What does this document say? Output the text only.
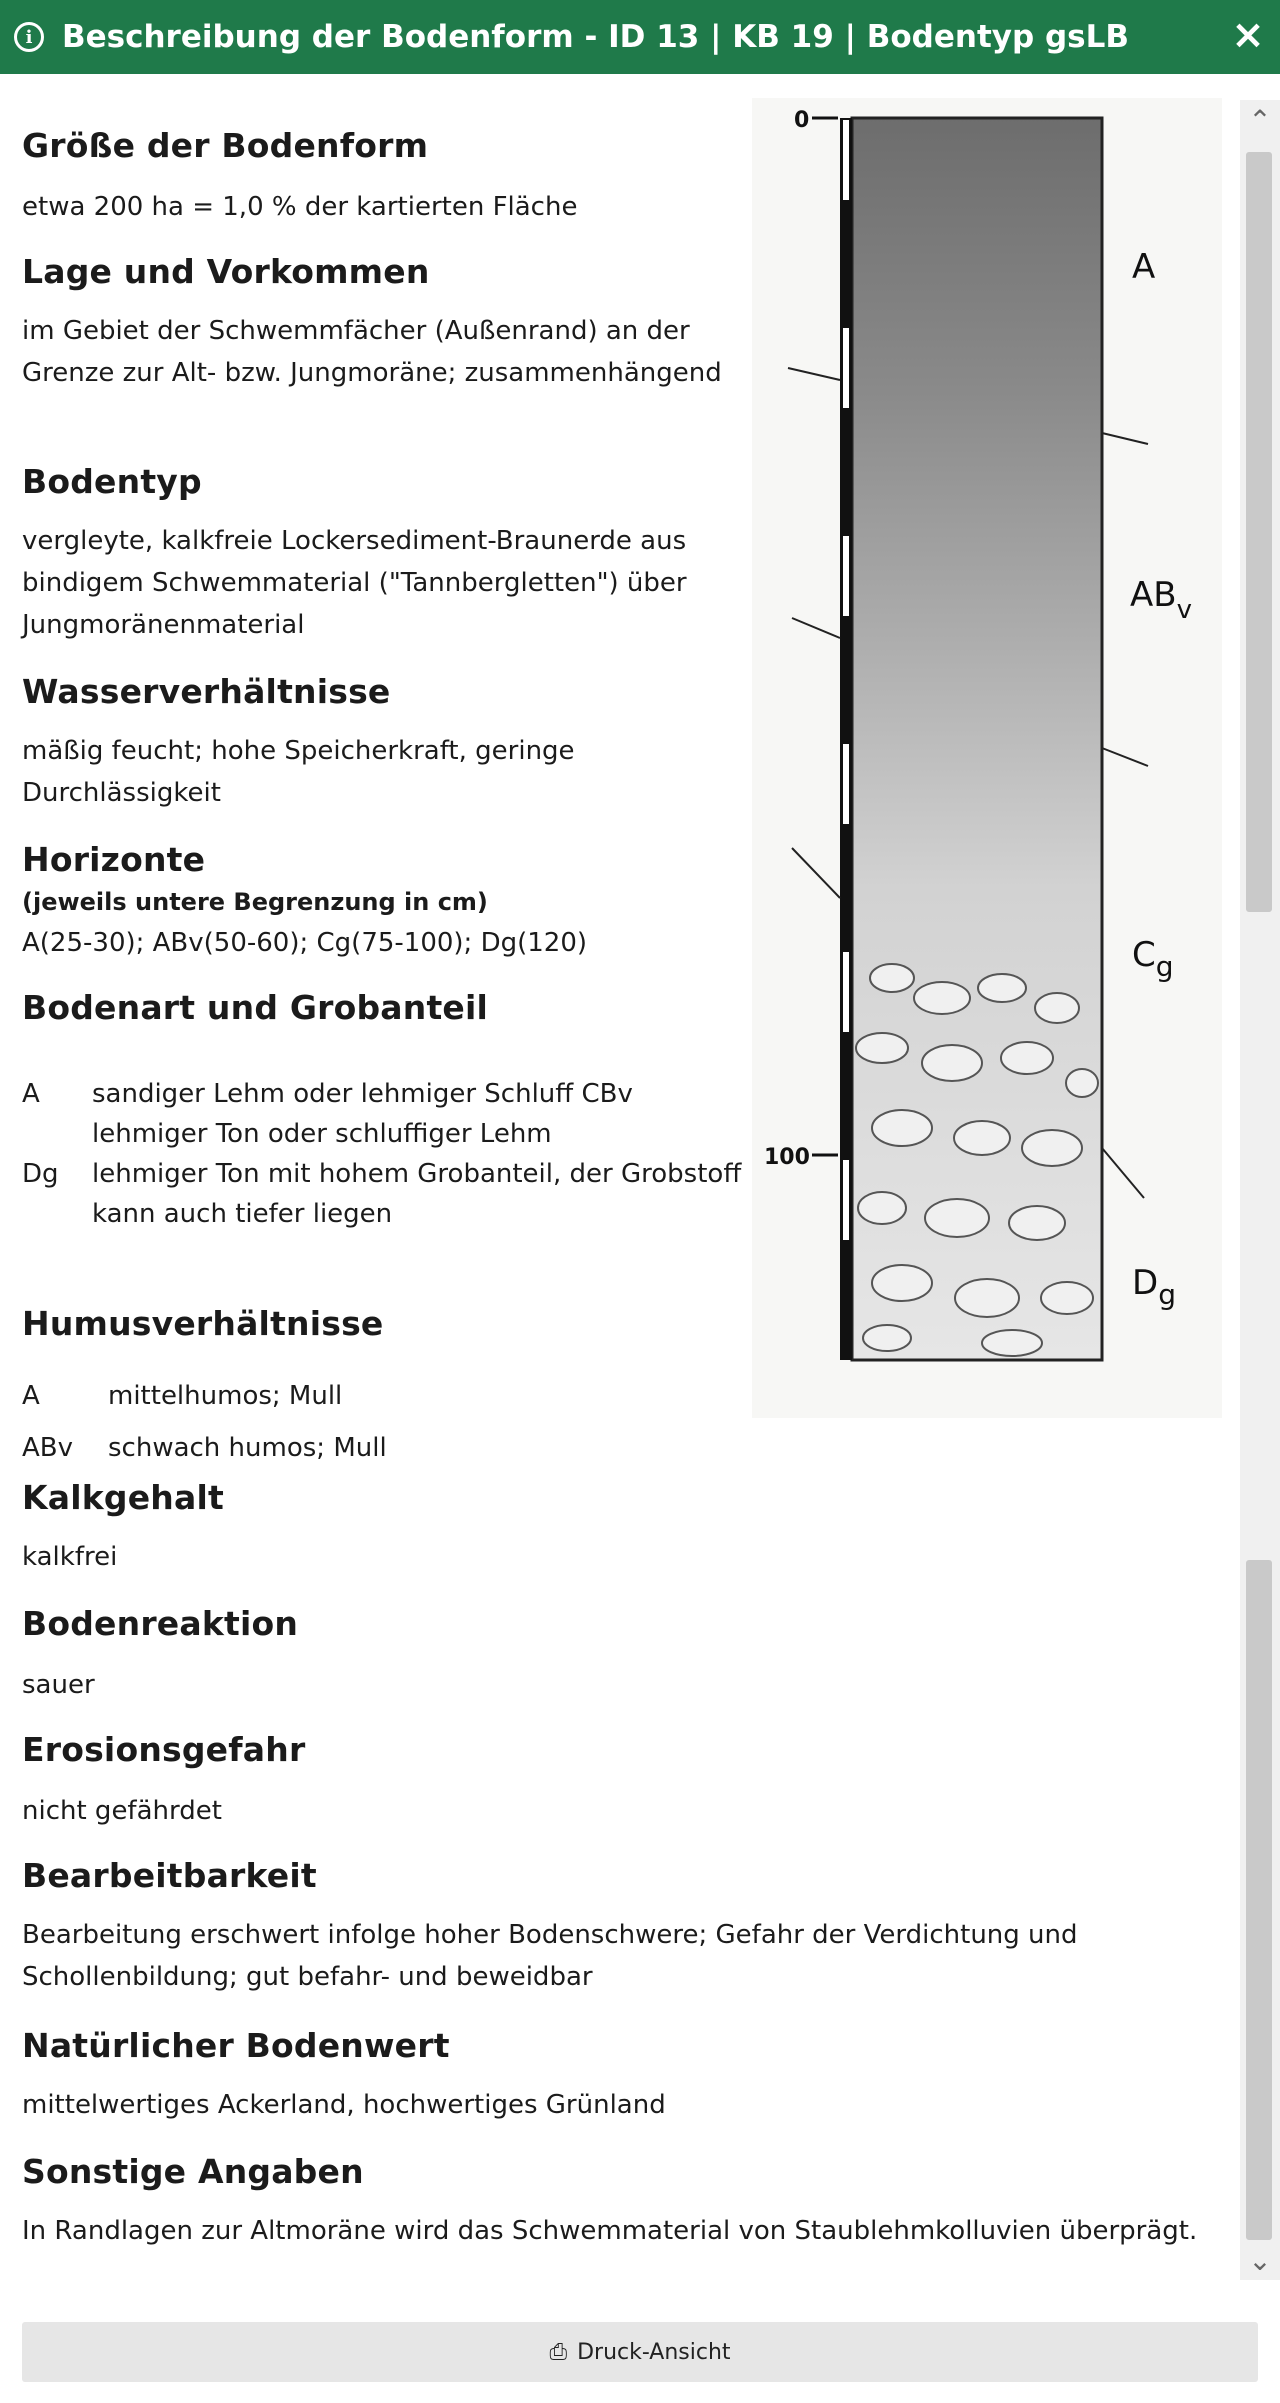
i Beschreibung der Bodenform - ID 13 | KB 19 | Bodentyp gsLB	×
Größe der Bodenform

etwa 200 ha = 1,0 % der kartierten Fläche

Lage und Vorkommen

im Gebiet der Schwemmfächer (Außenrand) an der Grenze zur Alt- bzw. Jungmoräne; zusammenhängend

Bodentyp

vergleyte, kalkfreie Lockersediment-Braunerde aus bindigem Schwemmaterial ("Tannbergletten") über Jungmoränenmaterial

Wasserverhältnisse

mäßig feucht; hohe Speicherkraft, geringe Durchlässigkeit

Horizonte
(jeweils untere Begrenzung in cm)

A(25-30); ABv(50-60); Cg(75-100); Dg(120)

Bodenart und Grobanteil
A	sandiger Lehm oder lehmiger Schluff CBv lehmiger Ton oder schluffiger Lehm
Dg	lehmiger Ton mit hohem Grobanteil, der Grobstoff kann auch tiefer liegen
Humusverhältnisse
A	mittelhumos; Mull
ABv	schwach humos; Mull
Kalkgehalt

kalkfrei

Bodenreaktion

sauer

Erosionsgefahr

nicht gefährdet

Bearbeitbarkeit

Bearbeitung erschwert infolge hoher Bodenschwere; Gefahr der Verdichtung und Schollenbildung; gut befahr- und beweidbar

Natürlicher Bodenwert

mittelwertiges Ackerland, hochwertiges Grünland

Sonstige Angaben

In Randlagen zur Altmoräne wird das Schwemmaterial von Staublehmkolluvien überprägt.

0
100
A
$AB_v$
$C_g$
$D_g$
⌃
⌄
⎙ Druck-Ansicht
